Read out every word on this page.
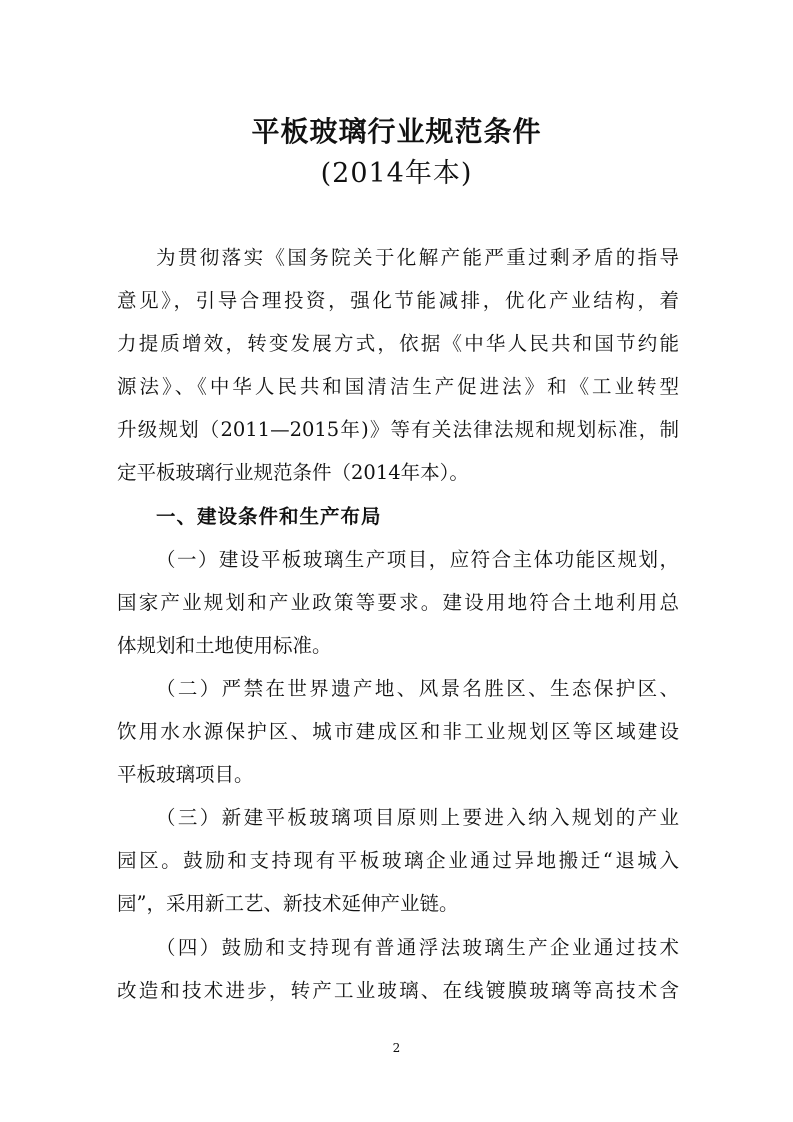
平板玻璃行业规范条件
(2014年本)
为贯彻落实《国务院关于化解产能严重过剩矛盾的指导
意见》，引导合理投资，强化节能减排，优化产业结构，着
力提质增效，转变发展方式，依据《中华人民共和国节约能
源法》、《中华人民共和国清洁生产促进法》和《工业转型
升级规划（2011—2015年)》等有关法律法规和规划标准，制
定平板玻璃行业规范条件（2014年本）。
一、建设条件和生产布局
（一）建设平板玻璃生产项目，应符合主体功能区规划，
国家产业规划和产业政策等要求。建设用地符合土地利用总
体规划和土地使用标准。
（二）严禁在世界遗产地、风景名胜区、生态保护区、
饮用水水源保护区、城市建成区和非工业规划区等区域建设
平板玻璃项目。
（三）新建平板玻璃项目原则上要进入纳入规划的产业
园区。鼓励和支持现有平板玻璃企业通过异地搬迁“退城入
园”，采用新工艺、新技术延伸产业链。
（四）鼓励和支持现有普通浮法玻璃生产企业通过技术
改造和技术进步，转产工业玻璃、在线镀膜玻璃等高技术含
2
